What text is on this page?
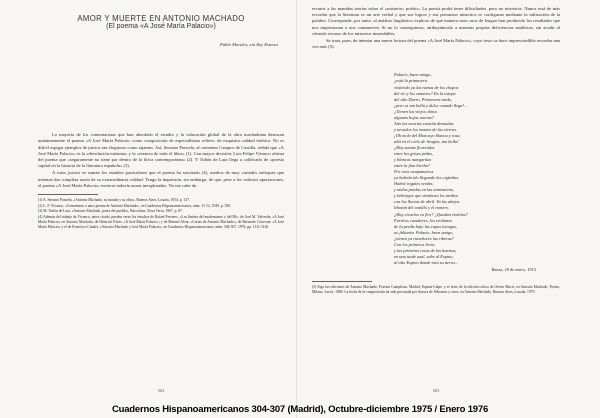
AMOR Y MUERTE EN ANTONIO MACHADO
(El poema «A José María Palacio»)
Pablo Morales, sin Iley Estevez

La mayoría de los comentaristas que han abordado el estudio y la valoración global de la obra machadiana destacan unánimemente el poema «A José María Palacio» como composición de especialísimo relieve, de exquisita calidad estética. No es difícil espigar ejemplos de juicios tan elogiosos como tajantes. Así, Serrano Poncela, al comentar Campos de Castilla, señala que «A José María Palacio» es la «devolución máxima» y la «esencia de todo el libro» (1). Con mayor decisión, Luis Felipe Vivanco afirma del poema que «seguramente no tiene par dentro de la lírica contemporánea» (2). Y Tuñón de Lara llega a calificarlo de «poesía capital en la historia de la literatura española» (3).

A estos juicios se suman los estudios particulares que el poema ha suscitado (4), asedios de muy variados enfoques que intentan dar completa razón de su extraordinaria calidad. Tengo la impresión, sin embargo, de que, pese a los valiosos aportaciones, el poema «A José María Palacio» encierra todavía zonas inexploradas. No me cabe du

(1) A. Serrano Poncela, «Antonio Machado, su mundo y su obra», Buenos Aires, Losada, 1954, p. 137.

(2) L. F. Vivanco, «Comentario a unos poema de Antonio Machado», en Cuadernos Hispanoamericanos, núm. 11-12, 1949, p. 550.

(3) M. Tuñón de Lara, «Antonio Machado, poeta del pueblo», Barcelona, Nova Terra, 1967, p. 87.

(4) Además del trabajo de Vivanco, antes citado, pueden verse los estudios de Rafael Ferreres, «Los límites del modernismo y del 98»; de José M. Valverde, «A José María Palacio» en Antonio Machado; de Heinrich Kloes, «A José María Palacio»; y de Manuel Alvar, «Cartas de Antonio Machado»; de Bernardo Gicovate, «A José María Palacio» y el de Francisco Caudet, «Antonio Machado y José María Palacio», en Cuadernos Hispanoamericanos, núm. 304-307, 1976, pp. 1111-1120.

562

recurrir a las manidas teorías sobre el «misterio» poético. La poesía podrá tener dificultades, pero no misterios. Nunca está de más recordar que la literatura es un arte verbal y que sus logros y sus presuntos misterios se configuran mediante la utilización de la palabra. Corresponde, por tanto, al análisis lingüístico explicar de qué manera unos usos de lengua han producido los resultados que nos impresionan o nos conmueven. Si no lo conseguimos, atribuyámoslo a nuestras propias deficiencias analíticas, sin acudir al cómodo recurso de los misterios insondables.

Se trata, pues, de intentar una nueva lectura del poema «A José María Palacio», cuyo texto se hace imprescindible recordar una vez más (5):

Palacio, buen amigo,
¿está la primavera
vistiendo ya las ramas de los chopos
del río y los caminos? En la estepa
del alto Duero, Primavera tarda,
¡pero es tan bella y dulce cuando llega!...
¿Tienen los viejos olmos
algunas hojas nuevas?
Aún las acacias estarán desnudas
y nevados los montes de las sierras.
¡Oh mole del Moncayo blanca y rosa,
allá en el cielo de Aragón, tan bella!
¿Hay zarzas florecidas
entre las grises peñas,
y blancas margaritas
entre la fina hierba?
Por esos campanarios
ya habrán ido llegando las cigüeñas.
Habrá trigales verdes,
y mulas pardas en las sementeras,
y labriegos que siembran los tardíos
con las lluvias de abril. Ya las abejas
libarán del tomillo y el romero.
¿Hay ciruelos en flor? ¿Quedan violetas?
Furtivos cazadores, los reclamos
de la perdiz bajo las capas luengas,
no faltarán. Palacio, buen amigo,
¿tienen ya ruiseñores las riberas?
Con los primeros lirios
y las primeras rosas de las huertas,
en una tarde azul, sube al Espino,
al alto Espino donde está su tierra...
Baeza, 29 de enero, 1913

(5) Sigo las ediciones de Antonio Machado, Poesías Completas, Madrid, Espasa-Calpe, y el texto de la edición crítica de Oreste Macrì, en Antonio Machado, Poesie, Milano, Lerici, 1969. La fecha de la composición ha sido precisada por Aurora de Albornoz y otros, en Antonio Machado, Buenos Aires, Losada, 1970.

563
Cuadernos Hispanoamericanos 304-307 (Madrid), Octubre-diciembre 1975 / Enero 1976
